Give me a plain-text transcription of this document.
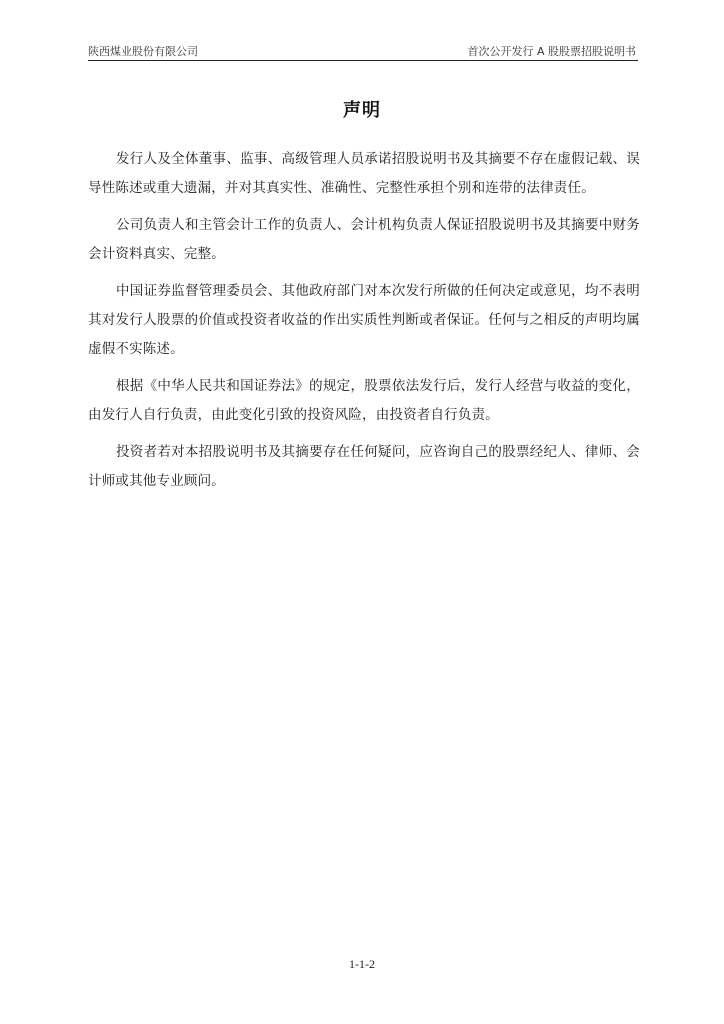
陕西煤业股份有限公司	首次公开发行 A 股股票招股说明书
声明

发行人及全体董事、监事、高级管理人员承诺招股说明书及其摘要不存在虚假记载、误导性陈述或重大遗漏，并对其真实性、准确性、完整性承担个别和连带的法律责任。

公司负责人和主管会计工作的负责人、会计机构负责人保证招股说明书及其摘要中财务会计资料真实、完整。

中国证券监督管理委员会、其他政府部门对本次发行所做的任何决定或意见，均不表明其对发行人股票的价值或投资者收益的作出实质性判断或者保证。任何与之相反的声明均属虚假不实陈述。

根据《中华人民共和国证券法》的规定，股票依法发行后，发行人经营与收益的变化，由发行人自行负责，由此变化引致的投资风险，由投资者自行负责。

投资者若对本招股说明书及其摘要存在任何疑问，应咨询自己的股票经纪人、律师、会计师或其他专业顾问。

1-1-2
